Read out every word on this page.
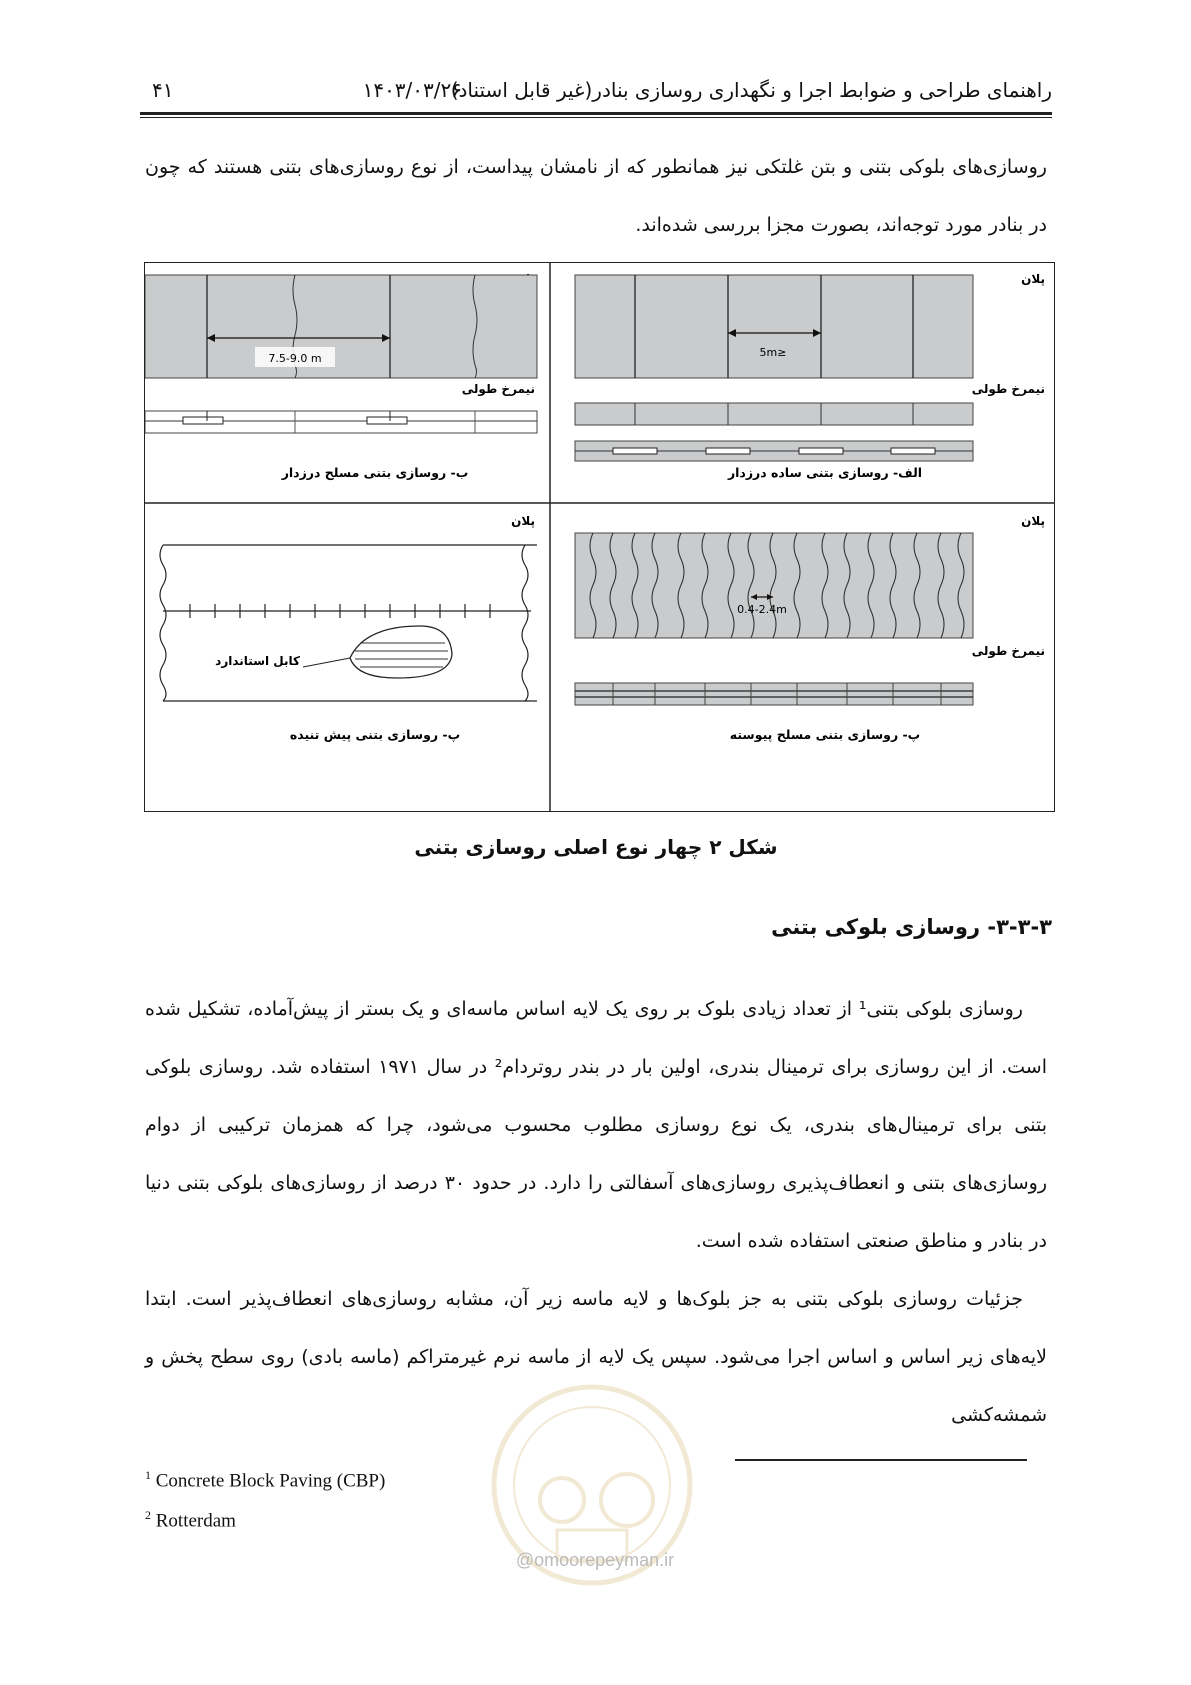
راهنمای طراحی و ضوابط اجرا و نگهداری روسازی بنادر(غیر قابل استناد)
۱۴۰۳/۰۳/۲۶
۴۱
روسازی‌های بلوکی بتنی و بتن غلتکی نیز همانطور که از نامشان پیداست، از نوع روسازی‌های بتنی هستند که چون در بنادر مورد توجه‌اند، بصورت مجزا بررسی شده‌اند.
7.5-9.0 m
نیمرخ طولی
ب- روسازی بتنی مسلح درزدار
پلان
5m≥
نیمرخ طولی
الف- روسازی بتنی ساده درزدار
پلان
کابل استاندارد
پ- روسازی بتنی پیش تنیده
پلان
0.4-2.4m
نیمرخ طولی
پ- روسازی بتنی مسلح پیوسته
شکل ۲ چهار نوع اصلی روسازی بتنی
۳-۳-۳- روسازی بلوکی بتنی
روسازی بلوکی بتنی¹ از تعداد زیادی بلوک بر روی یک لایه اساس ماسه‌ای و یک بستر از پیش‌آماده، تشکیل شده است. از این روسازی برای ترمینال بندری، اولین بار در بندر روتردام² در سال ۱۹۷۱ استفاده شد. روسازی بلوکی بتنی برای ترمینال‌های بندری، یک نوع روسازی مطلوب محسوب می‌شود، چرا که همزمان ترکیبی از دوام روسازی‌های بتنی و انعطاف‌پذیری روسازی‌های آسفالتی را دارد. در حدود ۳۰ درصد از روسازی‌های بلوکی بتنی دنیا در بنادر و مناطق صنعتی استفاده شده است.
جزئیات روسازی بلوکی بتنی به جز بلوک‌ها و لایه ماسه زیر آن، مشابه روسازی‌های انعطاف‌پذیر است. ابتدا لایه‌های زیر اساس و اساس اجرا می‌شود. سپس یک لایه از ماسه نرم غیرمتراکم (ماسه بادی) روی سطح پخش و شمشه‌کشی
@omoorepeyman.ir
$^1$ Concrete Block Paving (CBP)
$^2$ Rotterdam
